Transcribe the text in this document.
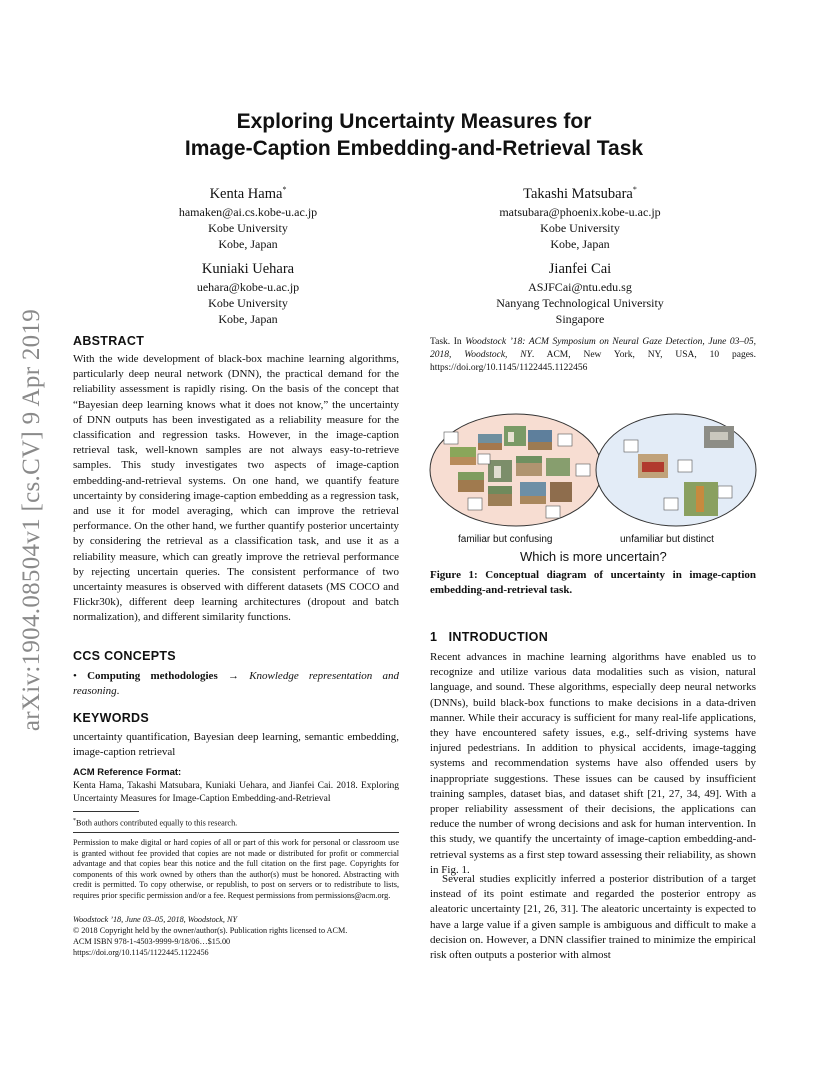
arXiv:1904.08504v1 [cs.CV] 9 Apr 2019
Exploring Uncertainty Measures for
Image-Caption Embedding-and-Retrieval Task
Kenta Hama*
hamaken@ai.cs.kobe-u.ac.jp
Kobe University
Kobe, Japan
Takashi Matsubara*
matsubara@phoenix.kobe-u.ac.jp
Kobe University
Kobe, Japan
Kuniaki Uehara
uehara@kobe-u.ac.jp
Kobe University
Kobe, Japan
Jianfei Cai
ASJFCai@ntu.edu.sg
Nanyang Technological University
Singapore
ABSTRACT
With the wide development of black-box machine learning algorithms, particularly deep neural network (DNN), the practical demand for the reliability assessment is rapidly rising. On the basis of the concept that “Bayesian deep learning knows what it does not know,” the uncertainty of DNN outputs has been investigated as a reliability measure for the classification and regression tasks. However, in the image-caption retrieval task, well-known samples are not always easy-to-retrieve samples. This study investigates two aspects of image-caption embedding-and-retrieval systems. On one hand, we quantify feature uncertainty by considering image-caption embedding as a regression task, and use it for model averaging, which can improve the retrieval performance. On the other hand, we further quantify posterior uncertainty by considering the retrieval as a classification task, and use it as a reliability measure, which can greatly improve the retrieval performance by rejecting uncertain queries. The consistent performance of two uncertainty measures is observed with different datasets (MS COCO and Flickr30k), different deep learning architectures (dropout and batch normalization), and different similarity functions.
CCS CONCEPTS
• Computing methodologies → Knowledge representation and reasoning.
KEYWORDS
uncertainty quantification, Bayesian deep learning, semantic embedding, image-caption retrieval
ACM Reference Format:
Kenta Hama, Takashi Matsubara, Kuniaki Uehara, and Jianfei Cai. 2018. Exploring Uncertainty Measures for Image-Caption Embedding-and-Retrieval
*Both authors contributed equally to this research.
Permission to make digital or hard copies of all or part of this work for personal or classroom use is granted without fee provided that copies are not made or distributed for profit or commercial advantage and that copies bear this notice and the full citation on the first page. Copyrights for components of this work owned by others than the author(s) must be honored. Abstracting with credit is permitted. To copy otherwise, or republish, to post on servers or to redistribute to lists, requires prior specific permission and/or a fee. Request permissions from permissions@acm.org.
Woodstock ’18, June 03–05, 2018, Woodstock, NY
© 2018 Copyright held by the owner/author(s). Publication rights licensed to ACM.
ACM ISBN 978-1-4503-9999-9/18/06…$15.00
https://doi.org/10.1145/1122445.1122456
Task. In Woodstock ’18: ACM Symposium on Neural Gaze Detection, June 03–05, 2018, Woodstock, NY. ACM, New York, NY, USA, 10 pages. https://doi.org/10.1145/1122445.1122456
familiar but confusing	unfamiliar but distinct
Which is more uncertain?
Figure 1: Conceptual diagram of uncertainty in image-caption embedding-and-retrieval task.
1 INTRODUCTION
Recent advances in machine learning algorithms have enabled us to recognize and utilize various data modalities such as vision, natural language, and sound. These algorithms, especially deep neural networks (DNNs), build black-box functions to make decisions in a data-driven manner. While their accuracy is sufficient for many real-life applications, they have encountered safety issues, e.g., self-driving systems have injured pedestrians. In addition to physical accidents, image-tagging systems and recommendation systems have also offended users by inappropriate suggestions. These issues can be caused by insufficient training samples, dataset bias, and dataset shift [21, 27, 34, 49]. With a proper reliability assessment of their decisions, the applications can reduce the number of wrong decisions and ask for human intervention. In this study, we quantify the uncertainty of image-caption embedding-and-retrieval systems as a first step toward assessing their reliability, as shown in Fig. 1.
Several studies explicitly inferred a posterior distribution of a target instead of its point estimate and regarded the posterior entropy as aleatoric uncertainty [21, 26, 31]. The aleatoric uncertainty is expected to have a large value if a given sample is ambiguous and difficult to make a decision on. However, a DNN classifier trained to minimize the empirical risk often outputs a posterior with almost
